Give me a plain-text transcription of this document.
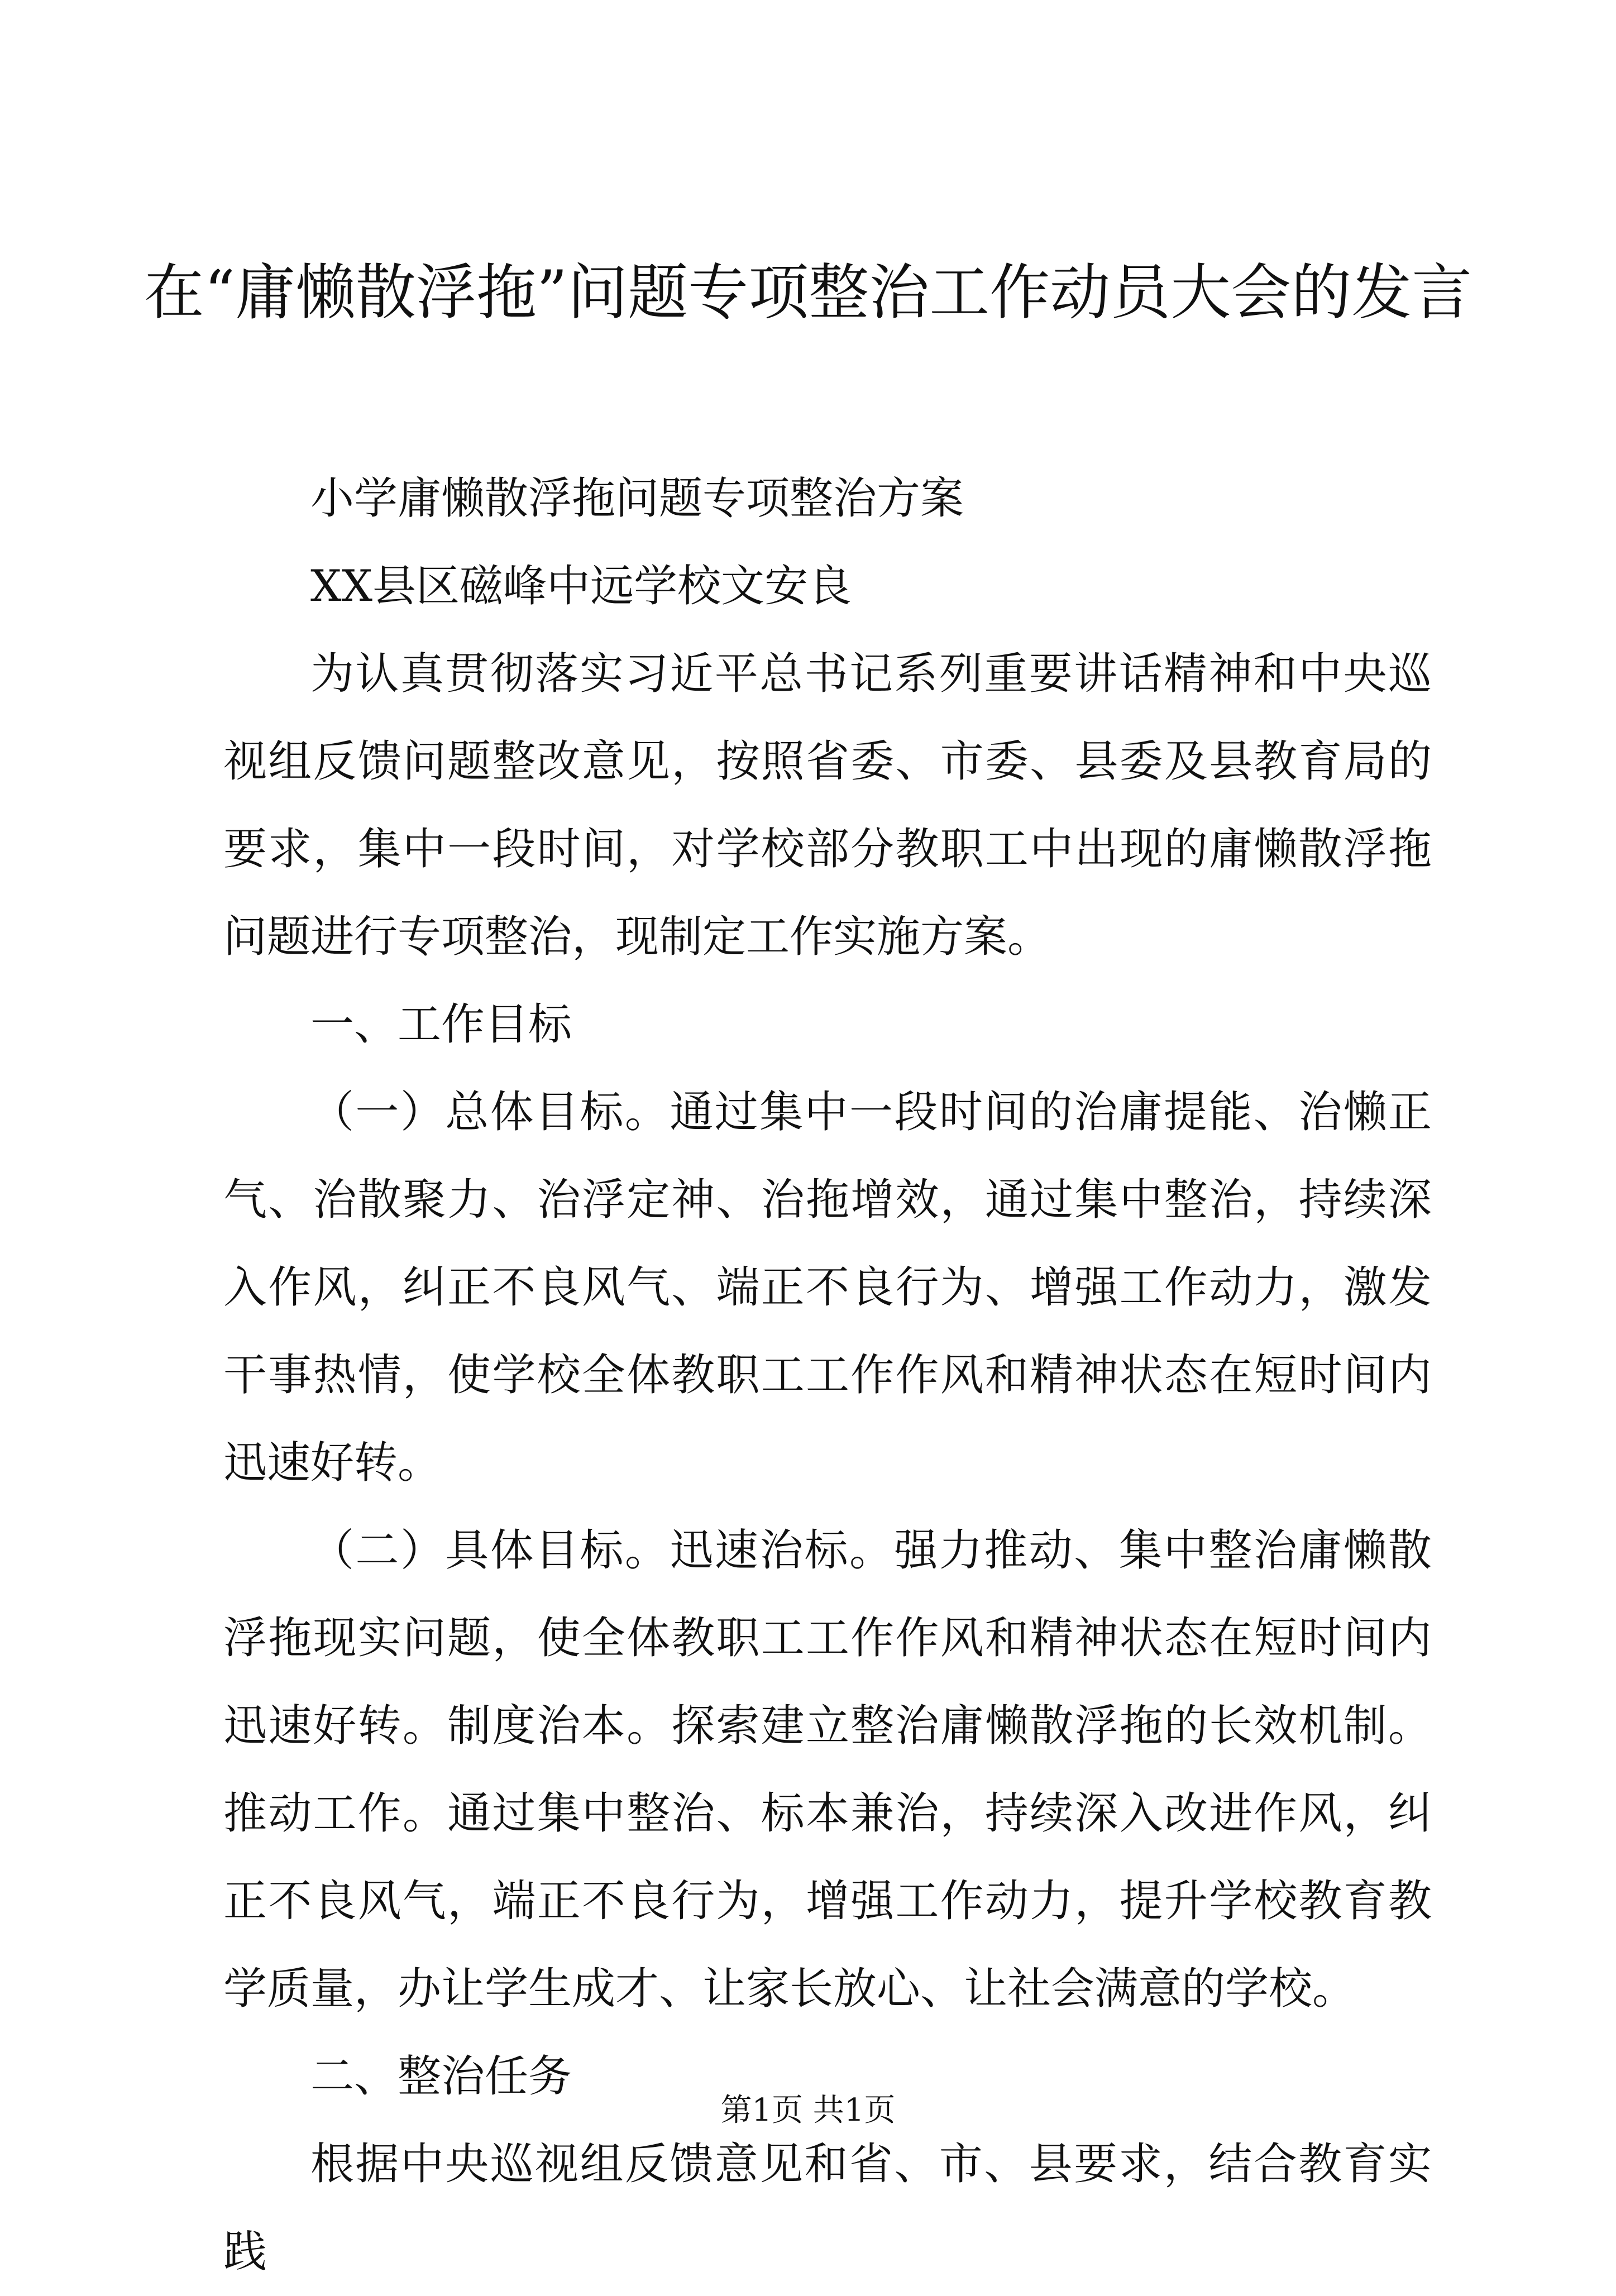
在“庸懒散浮拖”问题专项整治工作动员大会的发言

小学庸懒散浮拖问题专项整治方案

XX县区磁峰中远学校文安良

为认真贯彻落实习近平总书记系列重要讲话精神和中央巡视组反馈问题整改意见，按照省委、市委、县委及县教育局的要求，集中一段时间，对学校部分教职工中出现的庸懒散浮拖问题进行专项整治，现制定工作实施方案。

一、工作目标

（一）总体目标。通过集中一段时间的治庸提能、治懒正气、治散聚力、治浮定神、治拖增效，通过集中整治，持续深入作风，纠正不良风气、端正不良行为、增强工作动力，激发干事热情，使学校全体教职工工作作风和精神状态在短时间内迅速好转。

（二）具体目标。迅速治标。强力推动、集中整治庸懒散浮拖现实问题，使全体教职工工作作风和精神状态在短时间内迅速好转。制度治本。探索建立整治庸懒散浮拖的长效机制。推动工作。通过集中整治、标本兼治，持续深入改进作风，纠正不良风气，端正不良行为，增强工作动力，提升学校教育教学质量，办让学生成才、让家长放心、让社会满意的学校。

二、整治任务

根据中央巡视组反馈意见和省、市、县要求，结合教育实践

第1页 共1页
